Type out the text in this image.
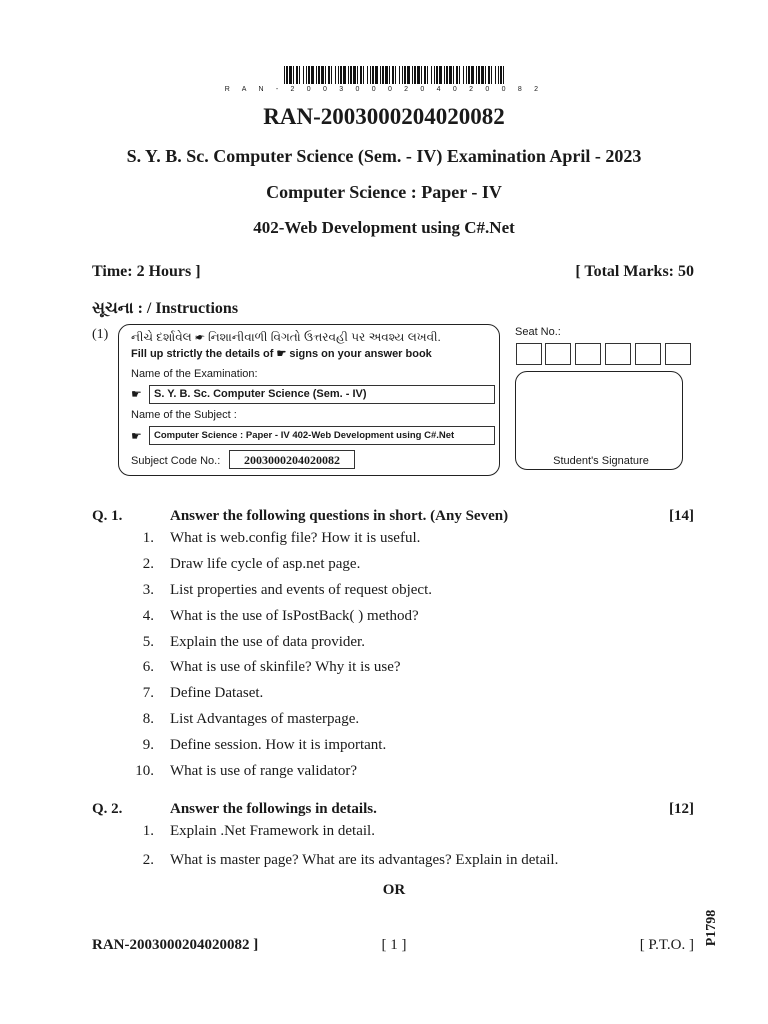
R A N - 2 0 0 3 0 0 0 2 0 4 0 2 0 0 8 2
RAN-2003000204020082
S. Y. B. Sc. Computer Science (Sem. - IV) Examination April - 2023
Computer Science : Paper - IV
402-Web Development using C#.Net
Time: 2 Hours ]	[ Total Marks: 50
સૂચના : / Instructions
(1) નીચે દર્શાવેલ ☛ નિશાનીવાળી વિગતો ઉત્તરવહી પર અવશ્ય લખવી.
Fill up strictly the details of ☛ signs on your answer book
Name of the Examination:
☛	S. Y. B. Sc. Computer Science (Sem. - IV)
Name of the Subject :
☛	Computer Science : Paper - IV 402-Web Development using C#.Net
Subject Code No.:	2003000204020082
Seat No.:
Student's Signature
Q. 1.	Answer the following questions in short. (Any Seven)	[14]
1. What is web.config file? How it is useful.
2. Draw life cycle of asp.net page.
3. List properties and events of request object.
4. What is the use of IsPostBack( ) method?
5. Explain the use of data provider.
6. What is use of skinfile? Why it is use?
7. Define Dataset.
8. List Advantages of masterpage.
9. Define session. How it is important.
10. What is use of range validator?
Q. 2.	Answer the followings in details.	[12]
1. Explain .Net Framework in detail.
2. What is master page? What are its advantages? Explain in detail.
OR
RAN-2003000204020082 ]	[ 1 ]	[ P.T.O. ] P1798
